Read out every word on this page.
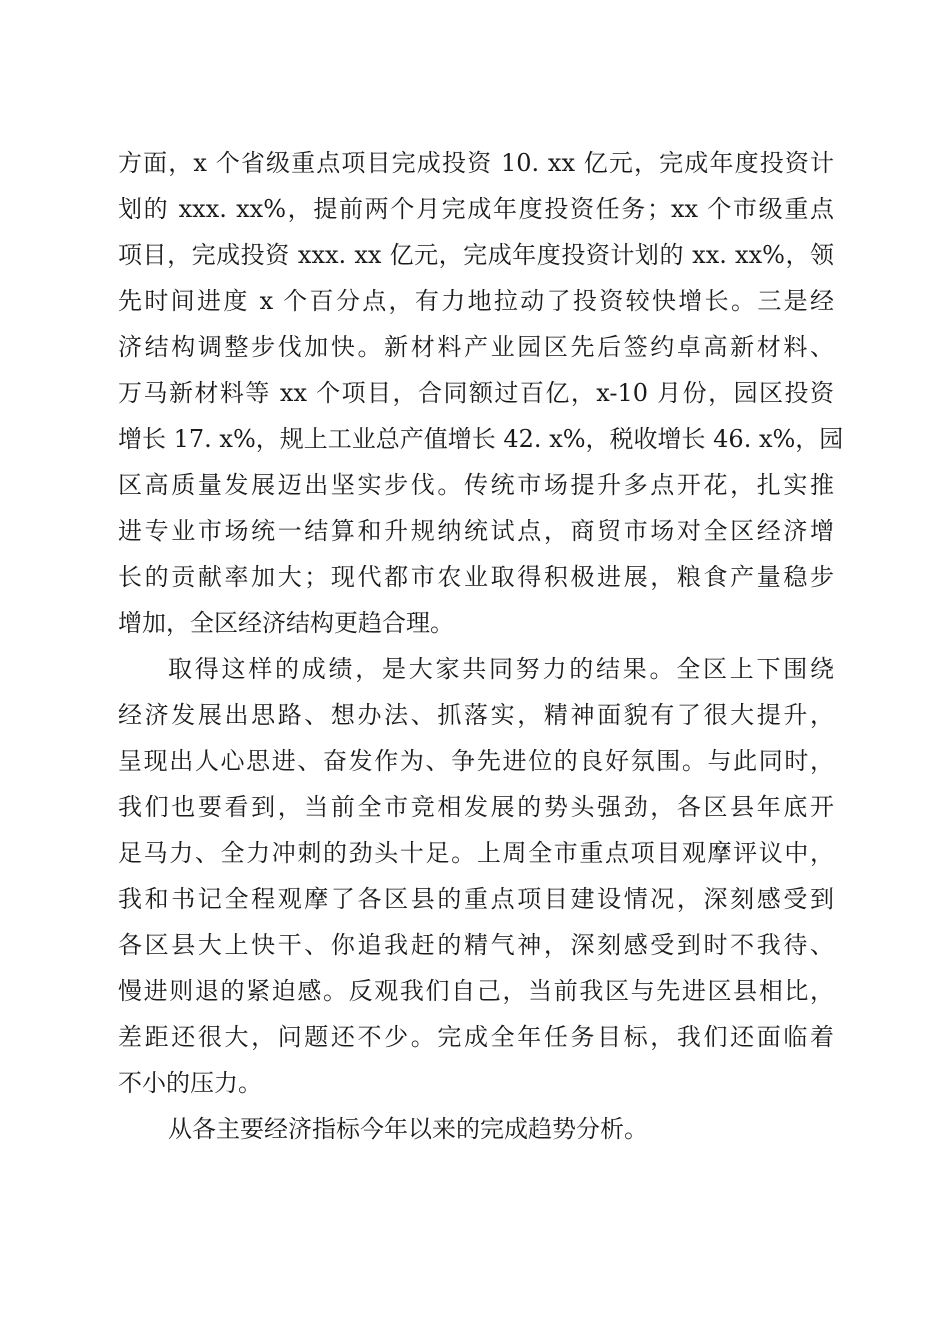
方面，x 个省级重点项目完成投资 10. xx 亿元，完成年度投资计
划的 xxx. xx%，提前两个月完成年度投资任务；xx 个市级重点
项目，完成投资 xxx. xx 亿元，完成年度投资计划的 xx. xx%，领
先时间进度 x 个百分点，有力地拉动了投资较快增长。三是经
济结构调整步伐加快。新材料产业园区先后签约卓高新材料、
万马新材料等 xx 个项目，合同额过百亿，x-10 月份，园区投资
增长 17. x%，规上工业总产值增长 42. x%，税收增长 46. x%，园
区高质量发展迈出坚实步伐。传统市场提升多点开花，扎实推
进专业市场统一结算和升规纳统试点，商贸市场对全区经济增
长的贡献率加大；现代都市农业取得积极进展，粮食产量稳步
增加，全区经济结构更趋合理。
取得这样的成绩，是大家共同努力的结果。全区上下围绕
经济发展出思路、想办法、抓落实，精神面貌有了很大提升，
呈现出人心思进、奋发作为、争先进位的良好氛围。与此同时，
我们也要看到，当前全市竞相发展的势头强劲，各区县年底开
足马力、全力冲刺的劲头十足。上周全市重点项目观摩评议中，
我和书记全程观摩了各区县的重点项目建设情况，深刻感受到
各区县大上快干、你追我赶的精气神，深刻感受到时不我待、
慢进则退的紧迫感。反观我们自己，当前我区与先进区县相比，
差距还很大，问题还不少。完成全年任务目标，我们还面临着
不小的压力。
从各主要经济指标今年以来的完成趋势分析。
